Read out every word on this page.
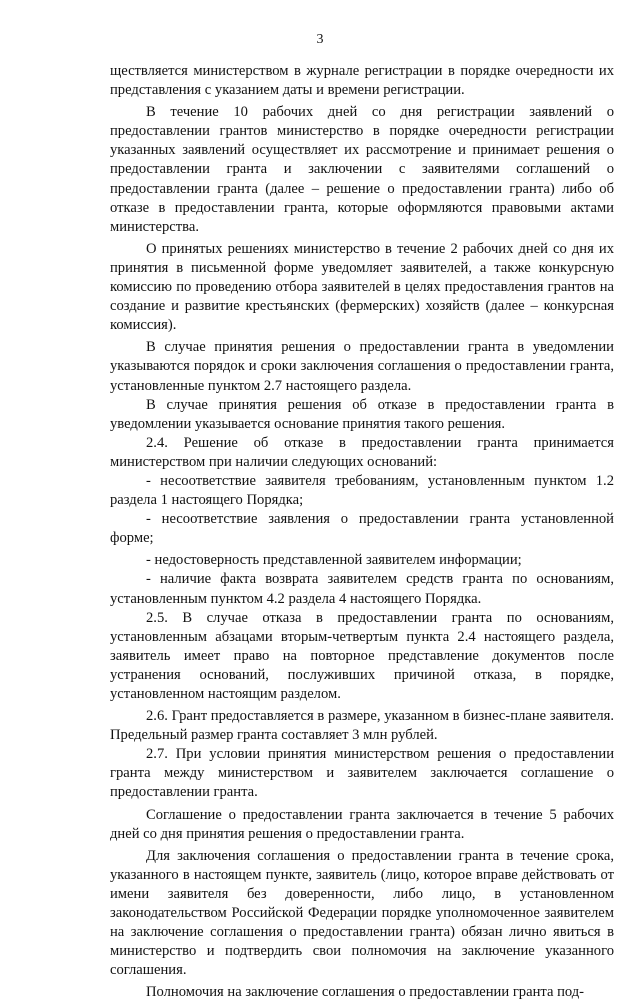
3

ществляется министерством в журнале регистрации в порядке очередности их представления с указанием даты и времени регистрации.

В течение 10 рабочих дней со дня регистрации заявлений о предоставлении грантов министерство в порядке очередности регистрации указанных заявлений осуществляет их рассмотрение и принимает решения о предоставлении гранта и заключении с заявителями соглашений о предоставлении гранта (далее – решение о предоставлении гранта) либо об отказе в предоставлении гранта, которые оформляются правовыми актами министерства.

О принятых решениях министерство в течение 2 рабочих дней со дня их принятия в письменной форме уведомляет заявителей, а также конкурсную комиссию по проведению отбора заявителей в целях предоставления грантов на создание и развитие крестьянских (фермерских) хозяйств (далее – конкурсная комиссия).

В случае принятия решения о предоставлении гранта в уведомлении указываются порядок и сроки заключения соглашения о предоставлении гранта, установленные пунктом 2.7 настоящего раздела.

В случае принятия решения об отказе в предоставлении гранта в уведомлении указывается основание принятия такого решения.

2.4. Решение об отказе в предоставлении гранта принимается министерством при наличии следующих оснований:

- несоответствие заявителя требованиям, установленным пунктом 1.2 раздела 1 настоящего Порядка;

- несоответствие заявления о предоставлении гранта установленной форме;

- недостоверность представленной заявителем информации;

- наличие факта возврата заявителем средств гранта по основаниям, установленным пунктом 4.2 раздела 4 настоящего Порядка.

2.5. В случае отказа в предоставлении гранта по основаниям, установленным абзацами вторым-четвертым пункта 2.4 настоящего раздела, заявитель имеет право на повторное представление документов после устранения оснований, послуживших причиной отказа, в порядке, установленном настоящим разделом.

2.6. Грант предоставляется в размере, указанном в бизнес-плане заявителя. Предельный размер гранта составляет 3 млн рублей.

2.7. При условии принятия министерством решения о предоставлении гранта между министерством и заявителем заключается соглашение о предоставлении гранта.

Соглашение о предоставлении гранта заключается в течение 5 рабочих дней со дня принятия решения о предоставлении гранта.

Для заключения соглашения о предоставлении гранта в течение срока, указанного в настоящем пункте, заявитель (лицо, которое вправе действовать от имени заявителя без доверенности, либо лицо, в установленном законодательством Российской Федерации порядке уполномоченное заявителем на заключение соглашения о предоставлении гранта) обязан лично явиться в министерство и подтвердить свои полномочия на заключение указанного соглашения.

Полномочия на заключение соглашения о предоставлении гранта под-
